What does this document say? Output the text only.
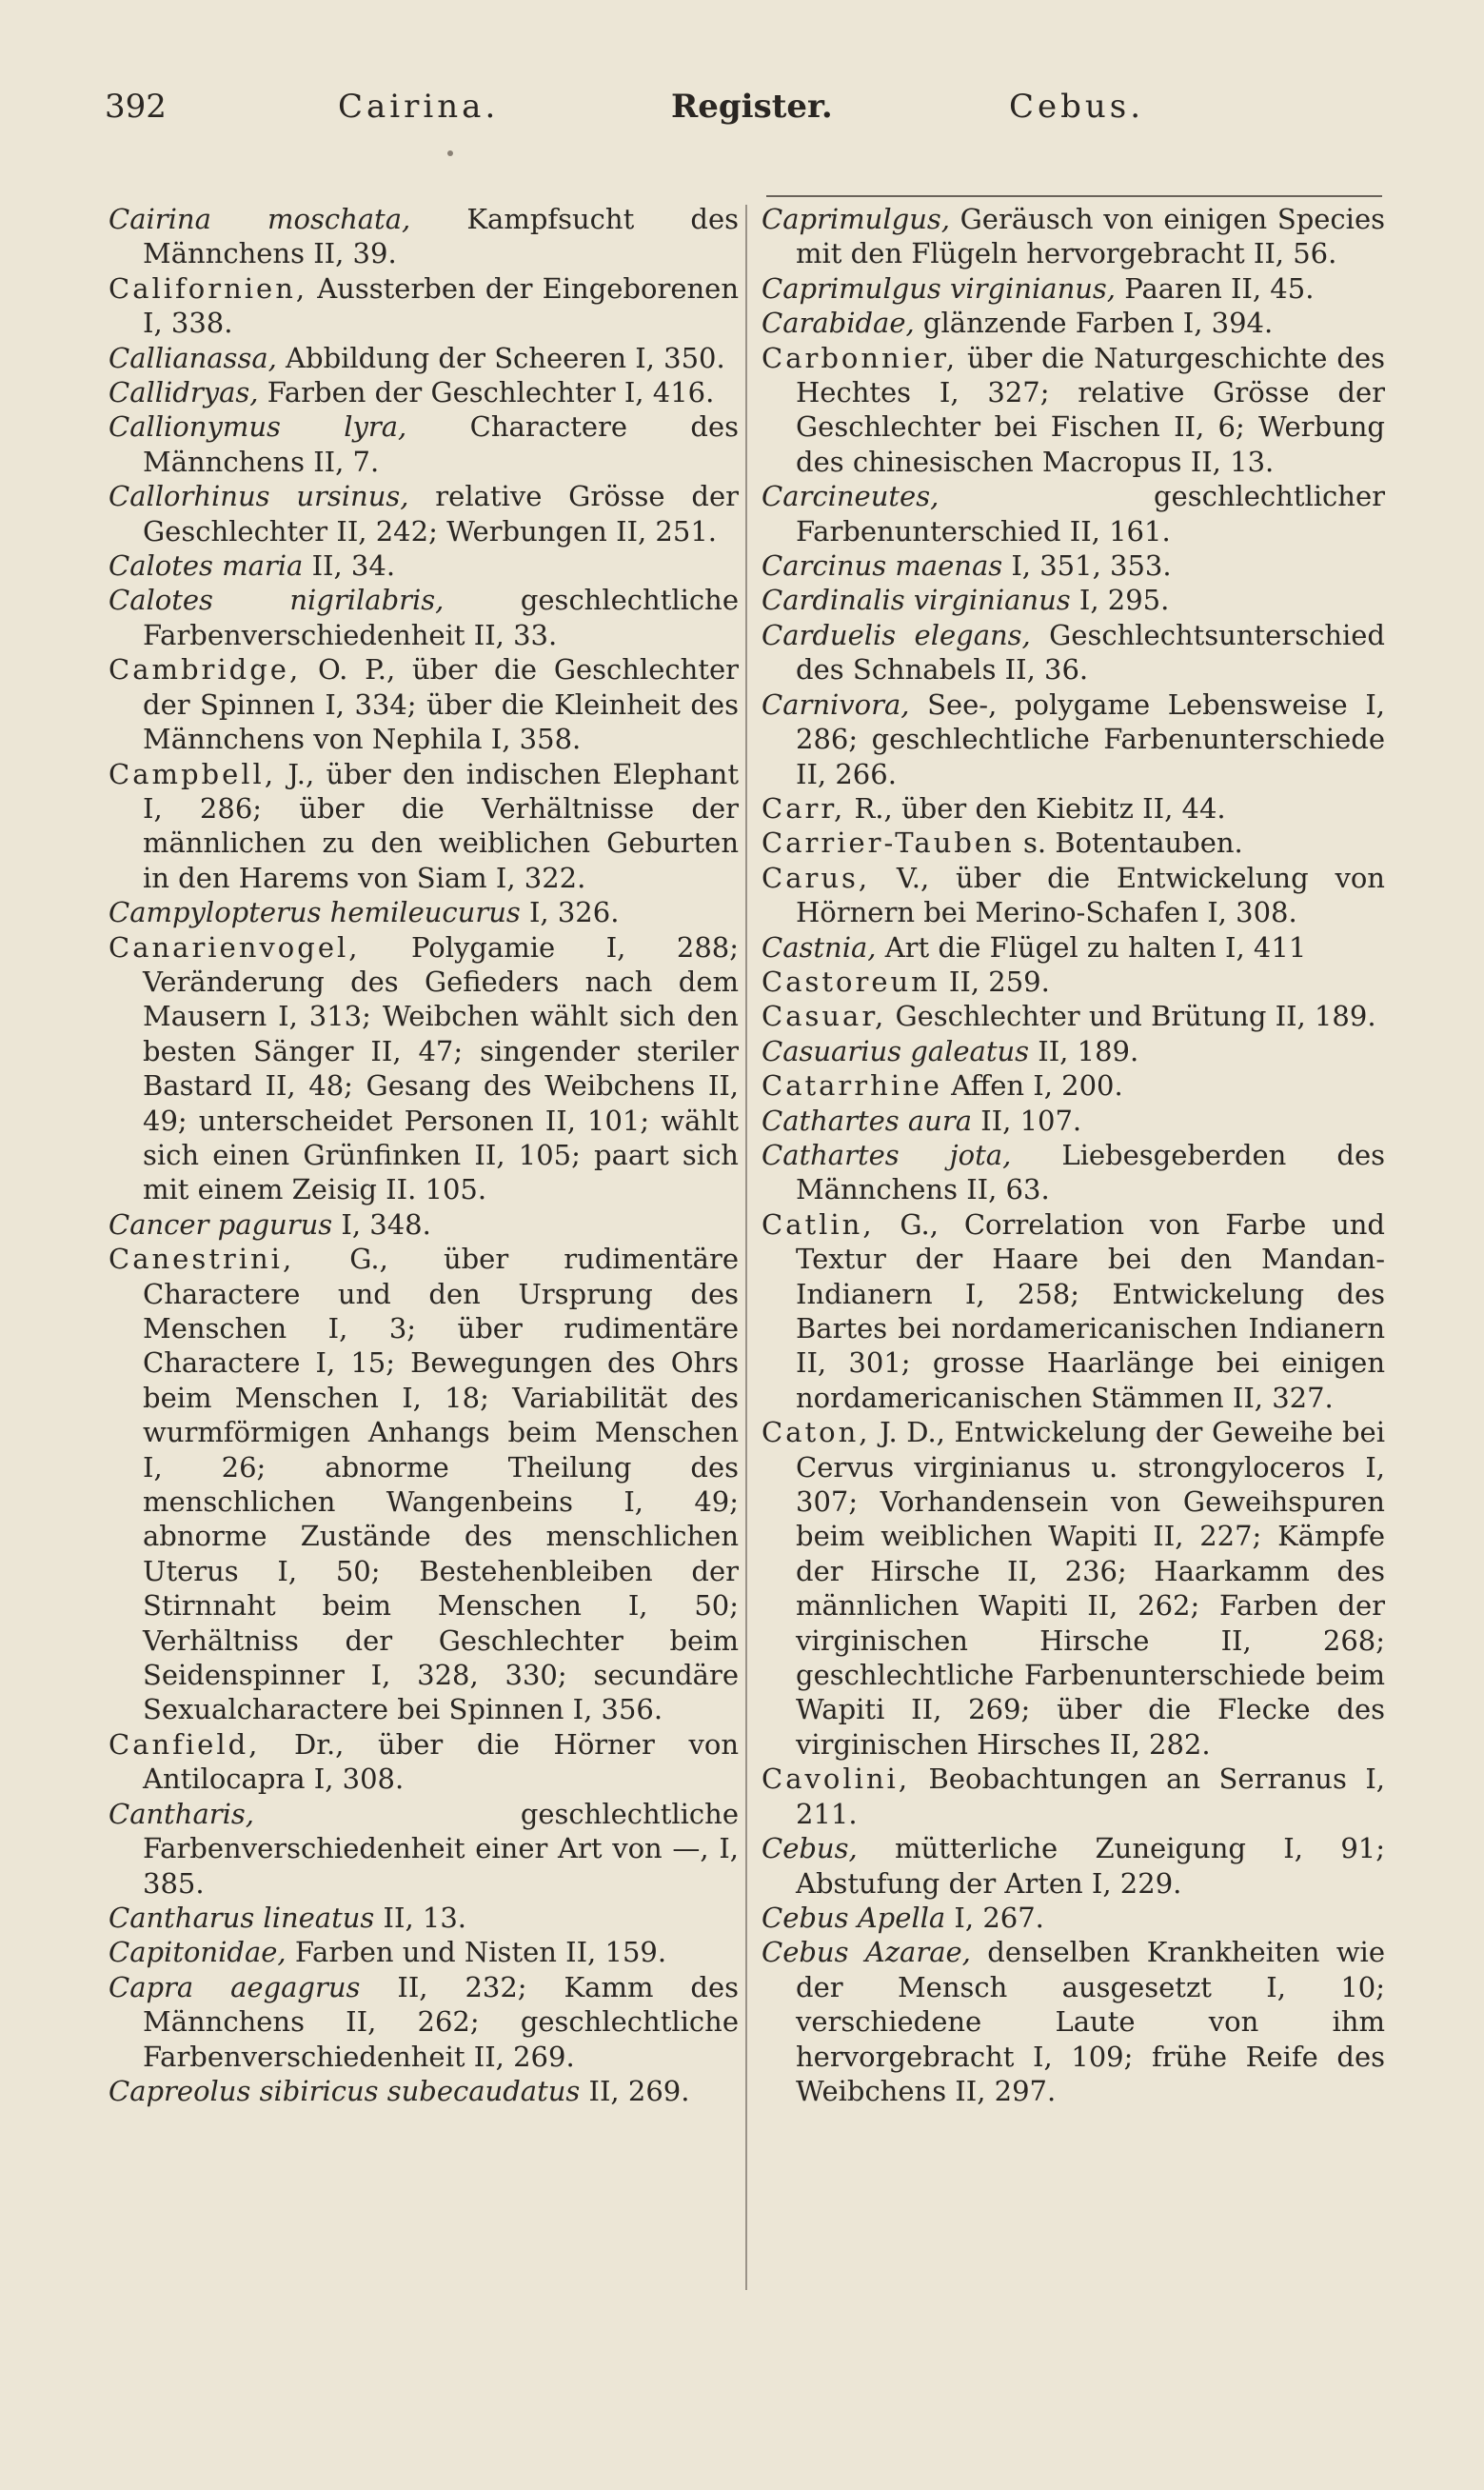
392	Cairina.	Register.	Cebus.

Cairina moschata, Kampfsucht des Männchens II, 39.

Californien, Aussterben der Eingeborenen I, 338.

Callianassa, Abbildung der Scheeren I, 350.

Callidryas, Farben der Geschlechter I, 416.

Callionymus lyra, Charactere des Männchens II, 7.

Callorhinus ursinus, relative Grösse der Geschlechter II, 242; Werbungen II, 251.

Calotes maria II, 34.

Calotes nigrilabris, geschlechtliche Farbenverschiedenheit II, 33.

Cambridge, O. P., über die Geschlechter der Spinnen I, 334; über die Kleinheit des Männchens von Nephila I, 358.

Campbell, J., über den indischen Elephant I, 286; über die Verhältnisse der männlichen zu den weiblichen Geburten in den Harems von Siam I, 322.

Campylopterus hemileucurus I, 326.

Canarienvogel, Polygamie I, 288; Veränderung des Gefieders nach dem Mausern I, 313; Weibchen wählt sich den besten Sänger II, 47; singender steriler Bastard II, 48; Gesang des Weibchens II, 49; unterscheidet Personen II, 101; wählt sich einen Grünfinken II, 105; paart sich mit einem Zeisig II. 105.

Cancer pagurus I, 348.

Canestrini, G., über rudimentäre Charactere und den Ursprung des Menschen I, 3; über rudimentäre Charactere I, 15; Bewegungen des Ohrs beim Menschen I, 18; Variabilität des wurmförmigen Anhangs beim Menschen I, 26; abnorme Theilung des menschlichen Wangenbeins I, 49; abnorme Zustände des menschlichen Uterus I, 50; Bestehenbleiben der Stirnnaht beim Menschen I, 50; Verhältniss der Geschlechter beim Seidenspinner I, 328, 330; secundäre Sexualcharactere bei Spinnen I, 356.

Canfield, Dr., über die Hörner von Antilocapra I, 308.

Cantharis, geschlechtliche Farbenverschiedenheit einer Art von —, I, 385.

Cantharus lineatus II, 13.

Capitonidae, Farben und Nisten II, 159.

Capra aegagrus II, 232; Kamm des Männchens II, 262; geschlechtliche Farbenverschiedenheit II, 269.

Capreolus sibiricus subecaudatus II, 269.

Caprimulgus, Geräusch von einigen Species mit den Flügeln hervorgebracht II, 56.

Caprimulgus virginianus, Paaren II, 45.

Carabidae, glänzende Farben I, 394.

Carbonnier, über die Naturgeschichte des Hechtes I, 327; relative Grösse der Geschlechter bei Fischen II, 6; Werbung des chinesischen Macropus II, 13.

Carcineutes, geschlechtlicher Farbenunterschied II, 161.

Carcinus maenas I, 351, 353.

Cardinalis virginianus I, 295.

Carduelis elegans, Geschlechtsunterschied des Schnabels II, 36.

Carnivora, See-, polygame Lebensweise I, 286; geschlechtliche Farbenunterschiede II, 266.

Carr, R., über den Kiebitz II, 44.

Carrier-Tauben s. Botentauben.

Carus, V., über die Entwickelung von Hörnern bei Merino-Schafen I, 308.

Castnia, Art die Flügel zu halten I, 411

Castoreum II, 259.

Casuar, Geschlechter und Brütung II, 189.

Casuarius galeatus II, 189.

Catarrhine Affen I, 200.

Cathartes aura II, 107.

Cathartes jota, Liebesgeberden des Männchens II, 63.

Catlin, G., Correlation von Farbe und Textur der Haare bei den Mandan-Indianern I, 258; Entwickelung des Bartes bei nordamericanischen Indianern II, 301; grosse Haarlänge bei einigen nordamericanischen Stämmen II, 327.

Caton, J. D., Entwickelung der Geweihe bei Cervus virginianus u. strongyloceros I, 307; Vorhandensein von Geweihspuren beim weiblichen Wapiti II, 227; Kämpfe der Hirsche II, 236; Haarkamm des männlichen Wapiti II, 262; Farben der virginischen Hirsche II, 268; geschlechtliche Farbenunterschiede beim Wapiti II, 269; über die Flecke des virginischen Hirsches II, 282.

Cavolini, Beobachtungen an Serranus I, 211.

Cebus, mütterliche Zuneigung I, 91; Abstufung der Arten I, 229.

Cebus Apella I, 267.

Cebus Azarae, denselben Krankheiten wie der Mensch ausgesetzt I, 10; verschiedene Laute von ihm hervorgebracht I, 109; frühe Reife des Weibchens II, 297.
